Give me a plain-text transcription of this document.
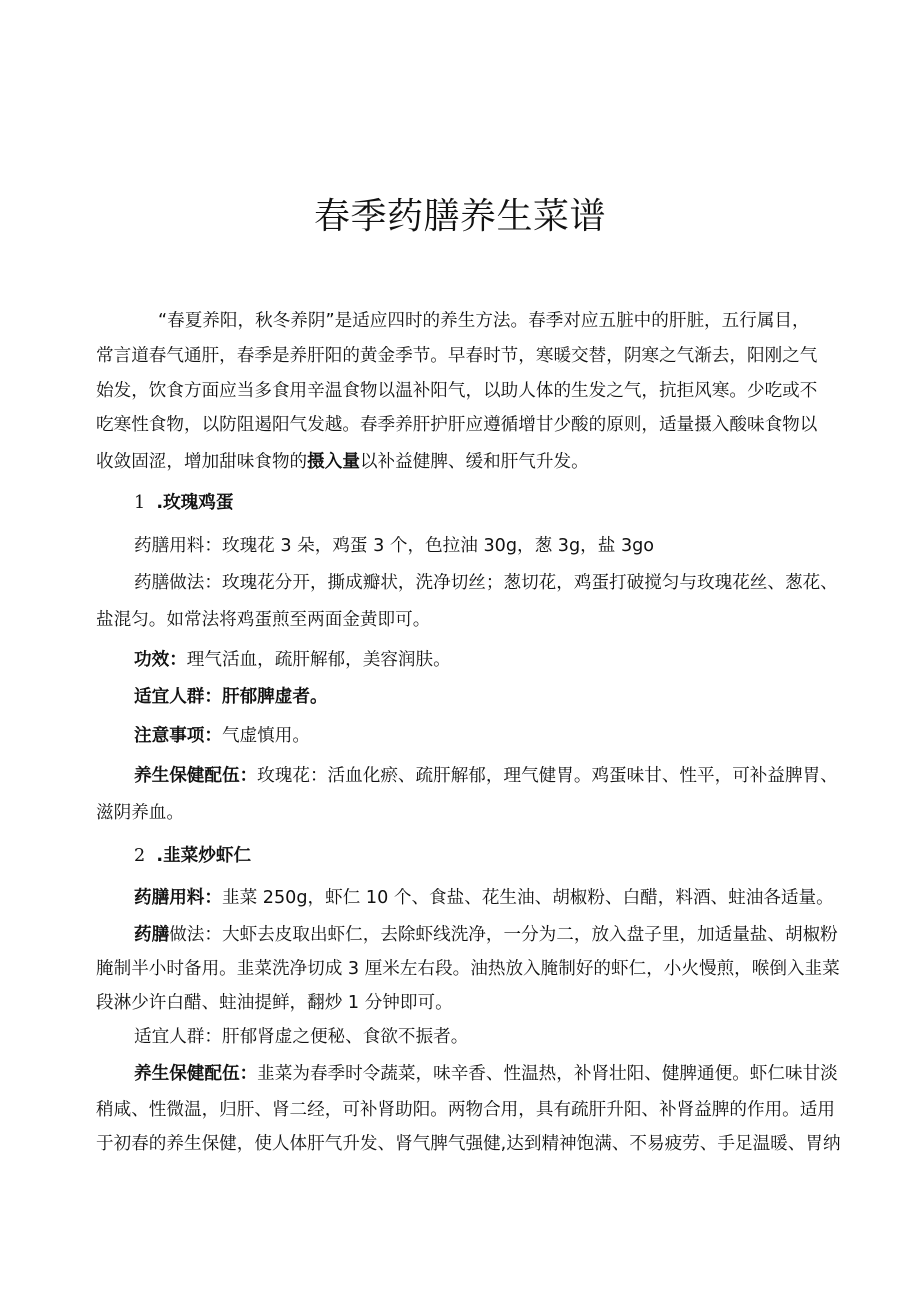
春季药膳养生菜谱
“春夏养阳，秋冬养阴”是适应四时的养生方法。春季对应五脏中的肝脏，五行属目，
常言道春气通肝，春季是养肝阳的黄金季节。早春时节，寒暖交替，阴寒之气渐去，阳刚之气
始发，饮食方面应当多食用辛温食物以温补阳气，以助人体的生发之气，抗拒风寒。少吃或不
吃寒性食物，以防阻遏阳气发越。春季养肝护肝应遵循增甘少酸的原则，适量摄入酸味食物以
收敛固涩，增加甜味食物的摄入量以补益健脾、缓和肝气升发。
1 .玫瑰鸡蛋
药膳用料：玫瑰花 3 朵，鸡蛋 3 个，色拉油 30g，葱 3g，盐 3go
药膳做法：玫瑰花分开，撕成瓣状，洗净切丝；葱切花，鸡蛋打破搅匀与玫瑰花丝、葱花、
盐混匀。如常法将鸡蛋煎至两面金黄即可。
功效：理气活血，疏肝解郁，美容润肤。
适宜人群：肝郁脾虚者。
注意事项：气虚慎用。
养生保健配伍：玫瑰花：活血化瘀、疏肝解郁，理气健胃。鸡蛋味甘、性平，可补益脾胃、
滋阴养血。
2 .韭菜炒虾仁
药膳用料：韭菜 250g，虾仁 10 个、食盐、花生油、胡椒粉、白醋，料酒、蛀油各适量。
药膳做法：大虾去皮取出虾仁，去除虾线洗净，一分为二，放入盘子里，加适量盐、胡椒粉
腌制半小时备用。韭菜洗净切成 3 厘米左右段。油热放入腌制好的虾仁，小火慢煎，喉倒入韭菜
段淋少许白醋、蛀油提鲜，翻炒 1 分钟即可。
适宜人群：肝郁肾虚之便秘、食欲不振者。
养生保健配伍：韭菜为春季时令蔬菜，味辛香、性温热，补肾壮阳、健脾通便。虾仁味甘淡
稍咸、性微温，归肝、肾二经，可补肾助阳。两物合用，具有疏肝升阳、补肾益脾的作用。适用
于初春的养生保健，使人体肝气升发、肾气脾气强健,达到精神饱满、不易疲劳、手足温暖、胃纳
